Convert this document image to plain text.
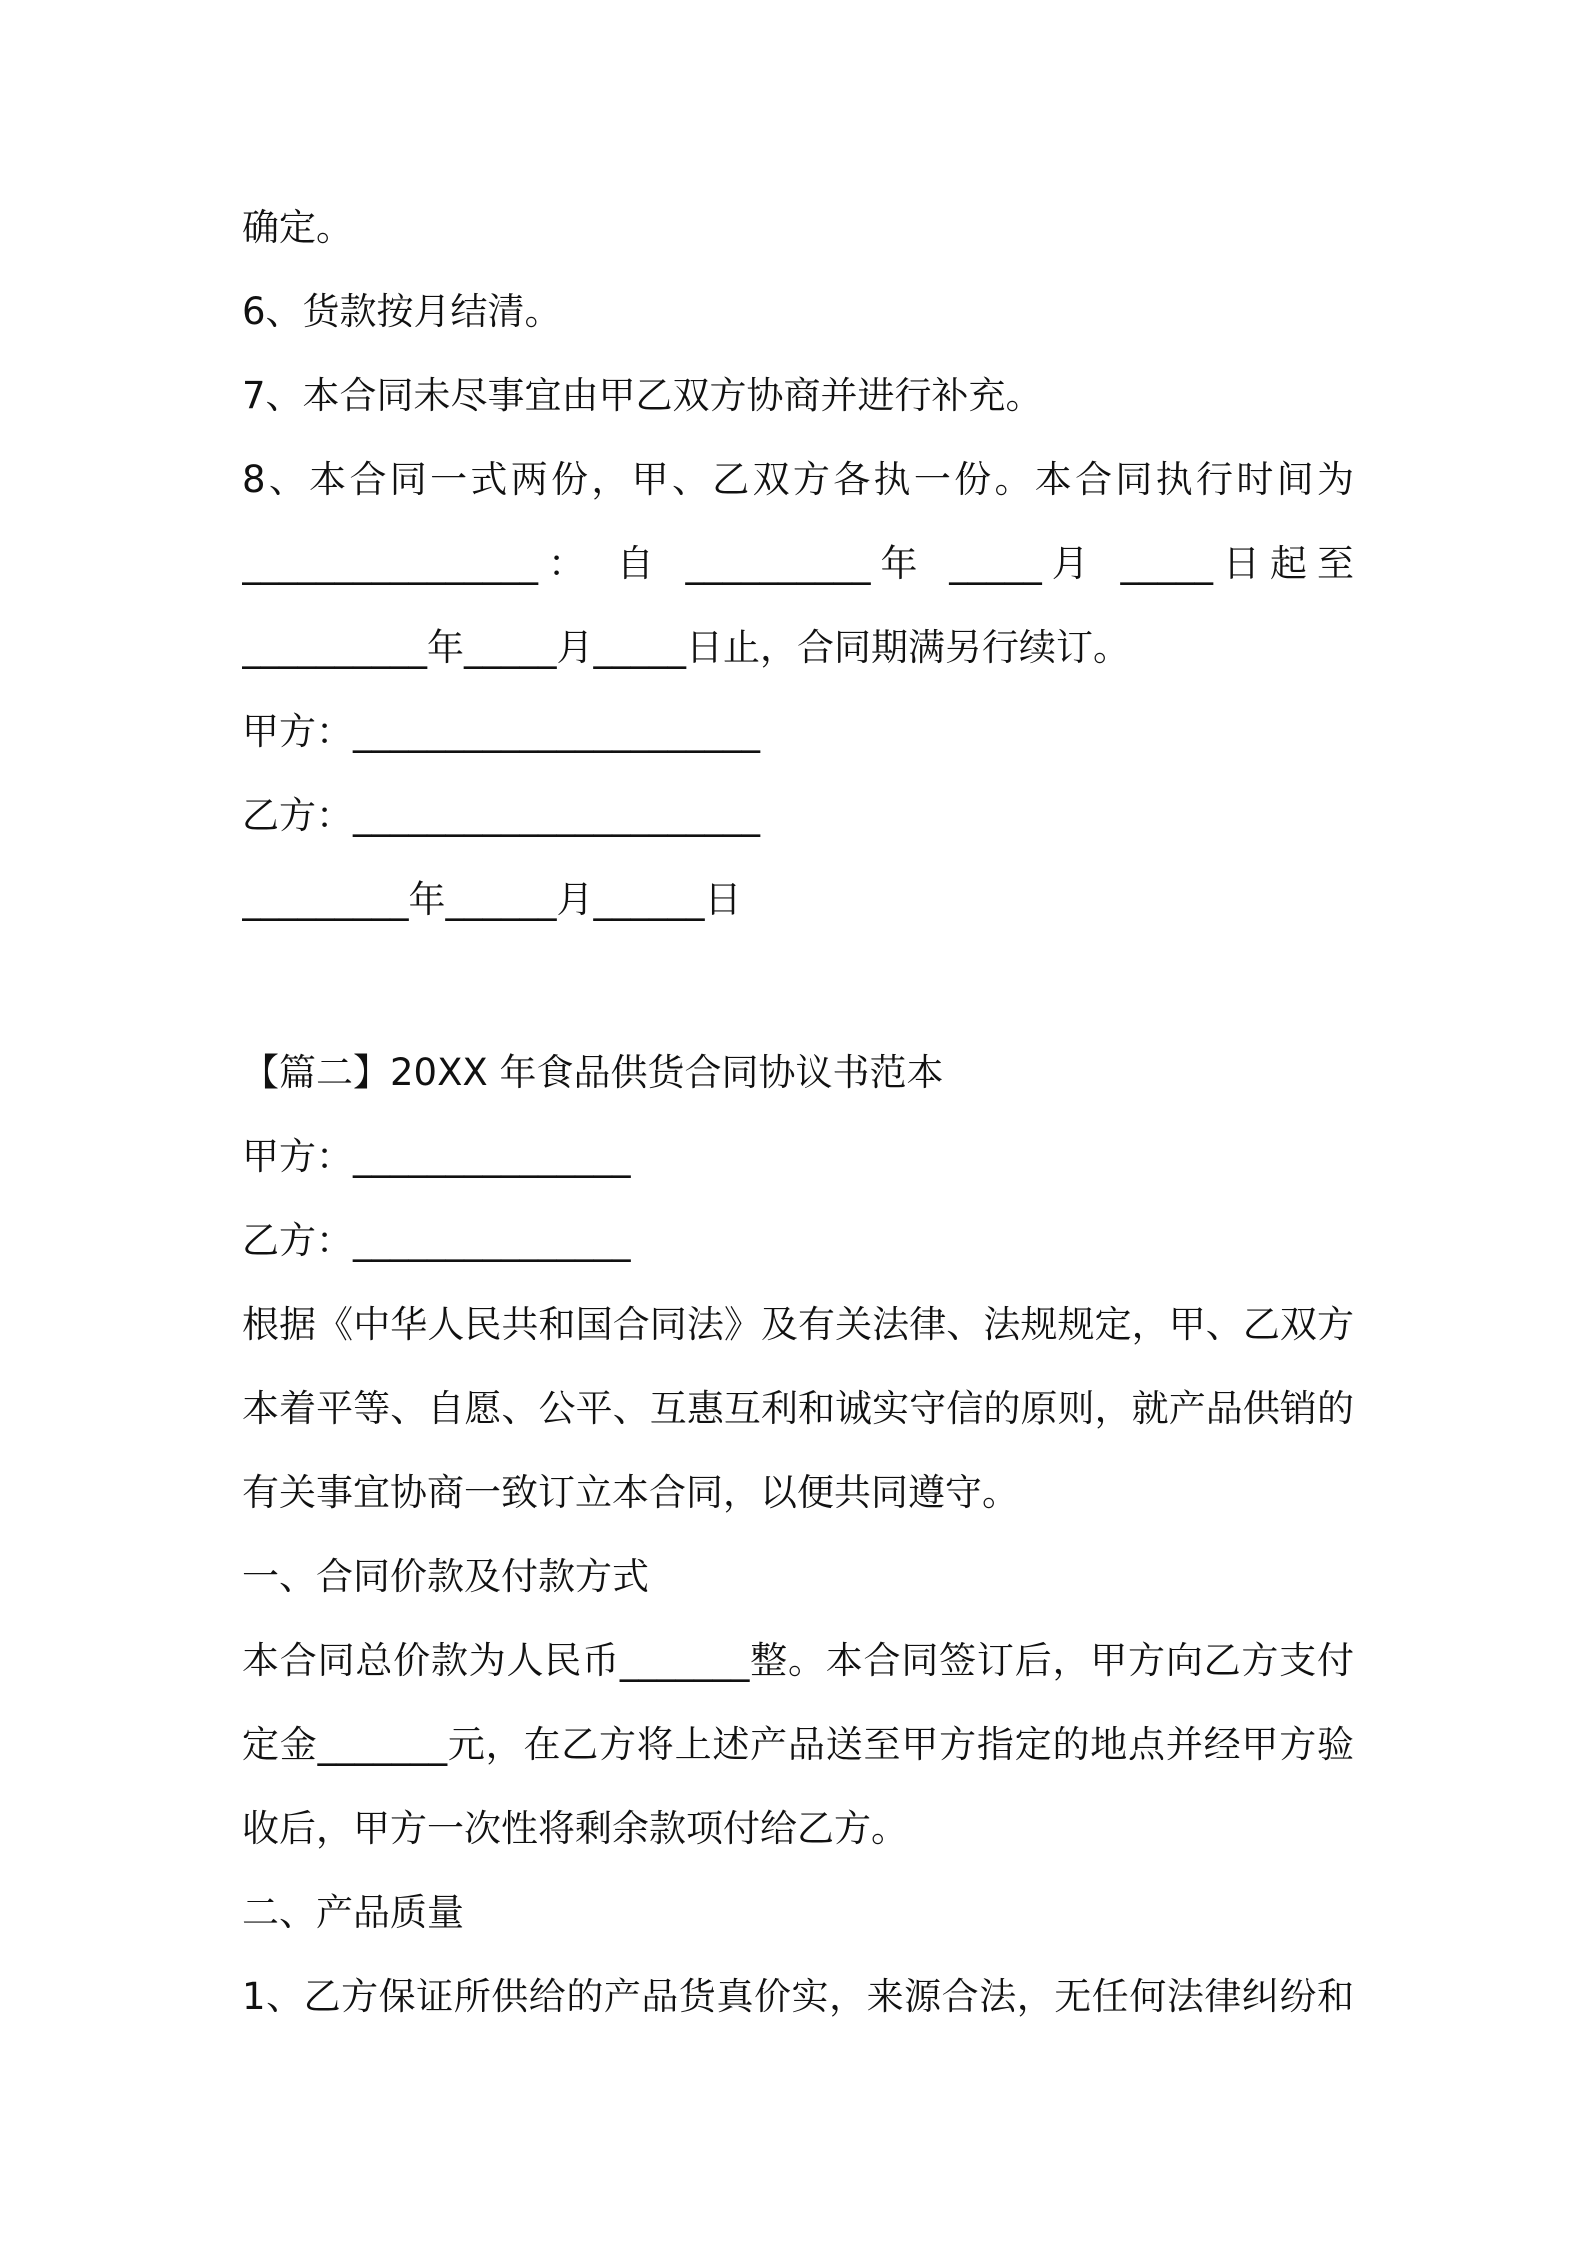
确定。
6、货款按月结清。
7、本合同未尽事宜由甲乙双方协商并进行补充。
8、本合同一式两份，甲、乙双方各执一份。本合同执行时间为
________________： 自 __________年 _____月 _____日起至
__________年_____月_____日止，合同期满另行续订。
甲方：______________________
乙方：______________________
_________年______月______日
【篇二】20XX 年食品供货合同协议书范本
甲方：_______________
乙方：_______________
根据《中华人民共和国合同法》及有关法律、法规规定，甲、乙双方
本着平等、自愿、公平、互惠互利和诚实守信的原则，就产品供销的
有关事宜协商一致订立本合同，以便共同遵守。
一、合同价款及付款方式
本合同总价款为人民币_______整。本合同签订后，甲方向乙方支付
定金_______元，在乙方将上述产品送至甲方指定的地点并经甲方验
收后，甲方一次性将剩余款项付给乙方。
二、产品质量
1、乙方保证所供给的产品货真价实，来源合法，无任何法律纠纷和
